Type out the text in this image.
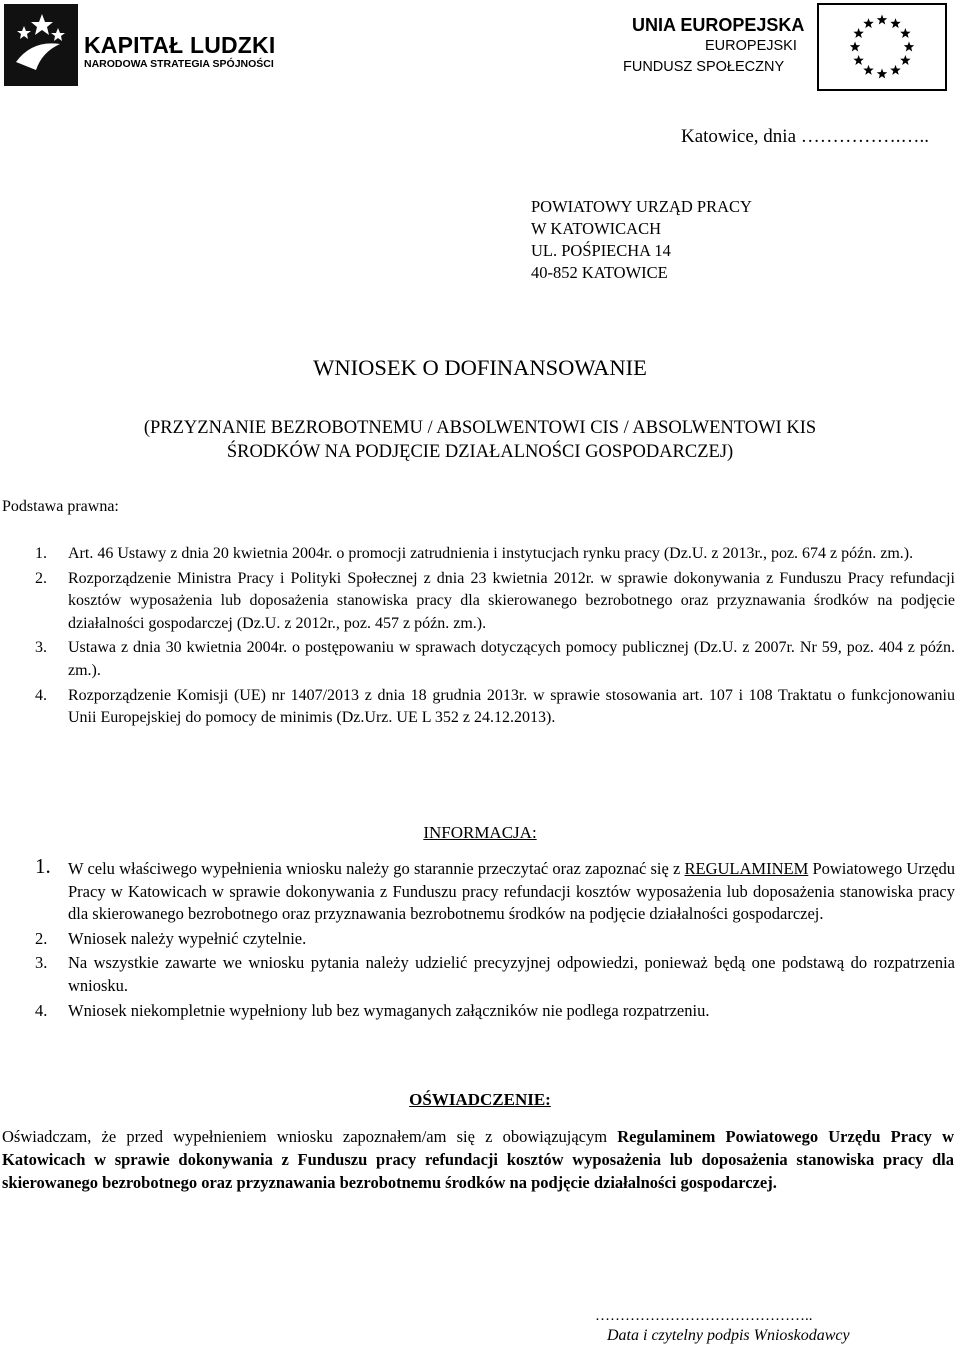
KAPITAŁ LUDZKI
NARODOWA STRATEGIA SPÓJNOŚCI
UNIA EUROPEJSKA
EUROPEJSKI
FUNDUSZ SPOŁECZNY
Katowice, dnia …………….…..
POWIATOWY URZĄD PRACY
W KATOWICACH
UL. POŚPIECHA 14
40-852 KATOWICE
WNIOSEK O DOFINANSOWANIE
(PRZYZNANIE BEZROBOTNEMU / ABSOLWENTOWI CIS / ABSOLWENTOWI KIS
ŚRODKÓW NA PODJĘCIE DZIAŁALNOŚCI GOSPODARCZEJ)
Podstawa prawna:
1. Art. 46 Ustawy z dnia 20 kwietnia 2004r. o promocji zatrudnienia i instytucjach rynku pracy (Dz.U. z 2013r., poz. 674 z późn. zm.).
2. Rozporządzenie Ministra Pracy i Polityki Społecznej z dnia 23 kwietnia 2012r. w sprawie dokonywania z Funduszu Pracy refundacji kosztów wyposażenia lub doposażenia stanowiska pracy dla skierowanego bezrobotnego oraz przyznawania środków na podjęcie działalności gospodarczej (Dz.U. z 2012r., poz. 457 z późn. zm.).
3. Ustawa z dnia 30 kwietnia 2004r. o postępowaniu w sprawach dotyczących pomocy publicznej (Dz.U. z 2007r. Nr 59, poz. 404 z późn. zm.).
4. Rozporządzenie Komisji (UE) nr 1407/2013 z dnia 18 grudnia 2013r. w sprawie stosowania art. 107 i 108 Traktatu o funkcjonowaniu Unii Europejskiej do pomocy de minimis (Dz.Urz. UE L 352 z 24.12.2013).
INFORMACJA:
1. W celu właściwego wypełnienia wniosku należy go starannie przeczytać oraz zapoznać się z REGULAMINEM Powiatowego Urzędu Pracy w Katowicach w sprawie dokonywania z Funduszu pracy refundacji kosztów wyposażenia lub doposażenia stanowiska pracy dla skierowanego bezrobotnego oraz przyznawania bezrobotnemu środków na podjęcie działalności gospodarczej.
2. Wniosek należy wypełnić czytelnie.
3. Na wszystkie zawarte we wniosku pytania należy udzielić precyzyjnej odpowiedzi, ponieważ będą one podstawą do rozpatrzenia wniosku.
4. Wniosek niekompletnie wypełniony lub bez wymaganych załączników nie podlega rozpatrzeniu.
OŚWIADCZENIE:
Oświadczam, że przed wypełnieniem wniosku zapoznałem/am się z obowiązującym Regulaminem Powiatowego Urzędu Pracy w Katowicach w sprawie dokonywania z Funduszu pracy refundacji kosztów wyposażenia lub doposażenia stanowiska pracy dla skierowanego bezrobotnego oraz przyznawania bezrobotnemu środków na podjęcie działalności gospodarczej.
……………………………………..
Data i czytelny podpis Wnioskodawcy
